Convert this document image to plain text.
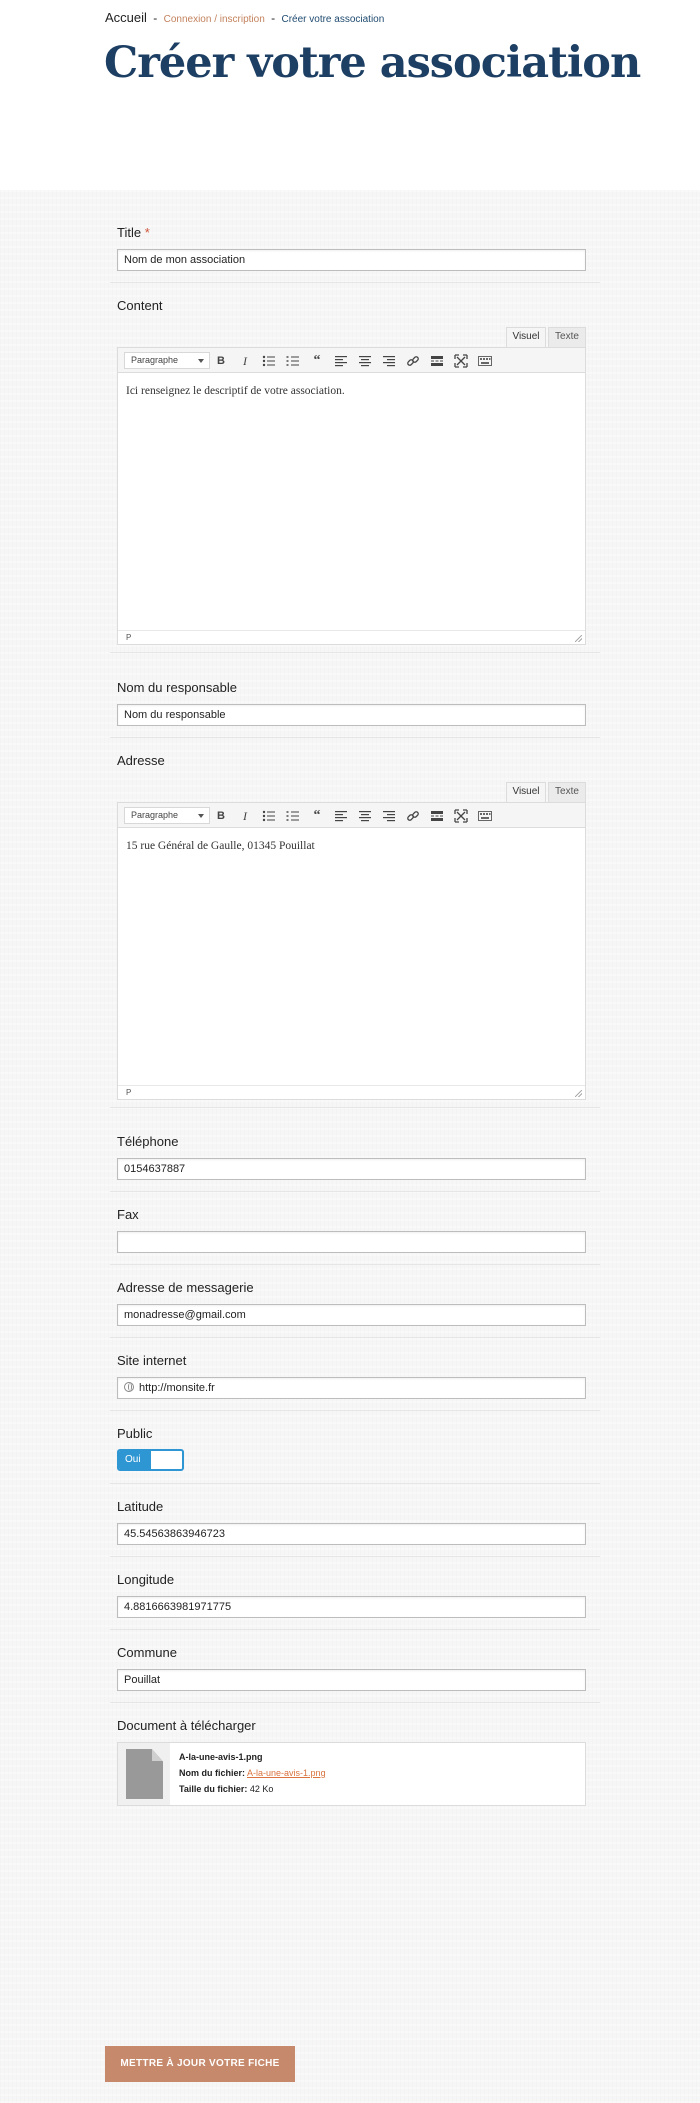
Accueil - Connexion / inscription - Créer votre association
Créer votre association
Title *
Nom de mon association
Content
Visuel	Texte
Paragraphe	B	I	“
Ici renseignez le descriptif de votre association.
P
Nom du responsable
Nom du responsable
Adresse
Visuel	Texte
Paragraphe	B	I	“
15 rue Général de Gaulle, 01345 Pouillat
P
Téléphone
0154637887
Fax
Adresse de messagerie
monadresse@gmail.com
Site internet
http://monsite.fr
Public
Oui
Latitude
45.54563863946723
Longitude
4.8816663981971775
Commune
Pouillat
Document à télécharger
A-la-une-avis-1.png
Nom du fichier: A-la-une-avis-1.png
Taille du fichier: 42 Ko
METTRE À JOUR VOTRE FICHE
